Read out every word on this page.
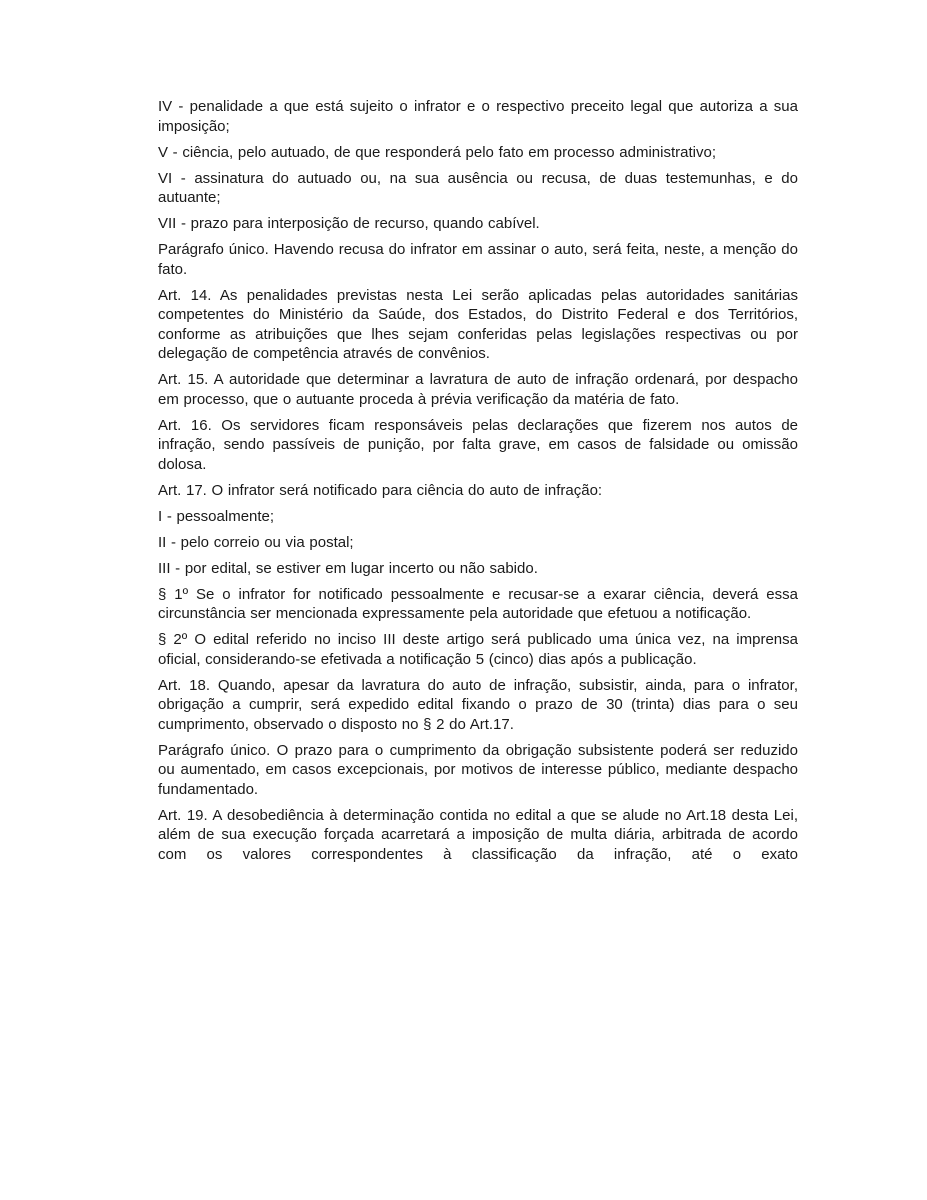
IV - penalidade a que está sujeito o infrator e o respectivo preceito legal que autoriza a sua imposição;

V - ciência, pelo autuado, de que responderá pelo fato em processo administrativo;

VI - assinatura do autuado ou, na sua ausência ou recusa, de duas testemunhas, e do autuante;

VII - prazo para interposição de recurso, quando cabível.

Parágrafo único. Havendo recusa do infrator em assinar o auto, será feita, neste, a menção do fato.

Art. 14. As penalidades previstas nesta Lei serão aplicadas pelas autoridades sanitárias competentes do Ministério da Saúde, dos Estados, do Distrito Federal e dos Territórios, conforme as atribuições que lhes sejam conferidas pelas legislações respectivas ou por delegação de competência através de convênios.

Art. 15. A autoridade que determinar a lavratura de auto de infração ordenará, por despacho em processo, que o autuante proceda à prévia verificação da matéria de fato.

Art. 16. Os servidores ficam responsáveis pelas declarações que fizerem nos autos de infração, sendo passíveis de punição, por falta grave, em casos de falsidade ou omissão dolosa.

Art. 17. O infrator será notificado para ciência do auto de infração:

I - pessoalmente;

II - pelo correio ou via postal;

III - por edital, se estiver em lugar incerto ou não sabido.

§ 1º Se o infrator for notificado pessoalmente e recusar-se a exarar ciência, deverá essa circunstância ser mencionada expressamente pela autoridade que efetuou a notificação.

§ 2º O edital referido no inciso III deste artigo será publicado uma única vez, na imprensa oficial, considerando-se efetivada a notificação 5 (cinco) dias após a publicação.

Art. 18. Quando, apesar da lavratura do auto de infração, subsistir, ainda, para o infrator, obrigação a cumprir, será expedido edital fixando o prazo de 30 (trinta) dias para o seu cumprimento, observado o disposto no § 2 do Art.17.

Parágrafo único. O prazo para o cumprimento da obrigação subsistente poderá ser reduzido ou aumentado, em casos excepcionais, por motivos de interesse público, mediante despacho fundamentado.

Art. 19. A desobediência à determinação contida no edital a que se alude no Art.18 desta Lei, além de sua execução forçada acarretará a imposição de multa diária, arbitrada de acordo com os valores correspondentes à classificação da infração, até o exato
